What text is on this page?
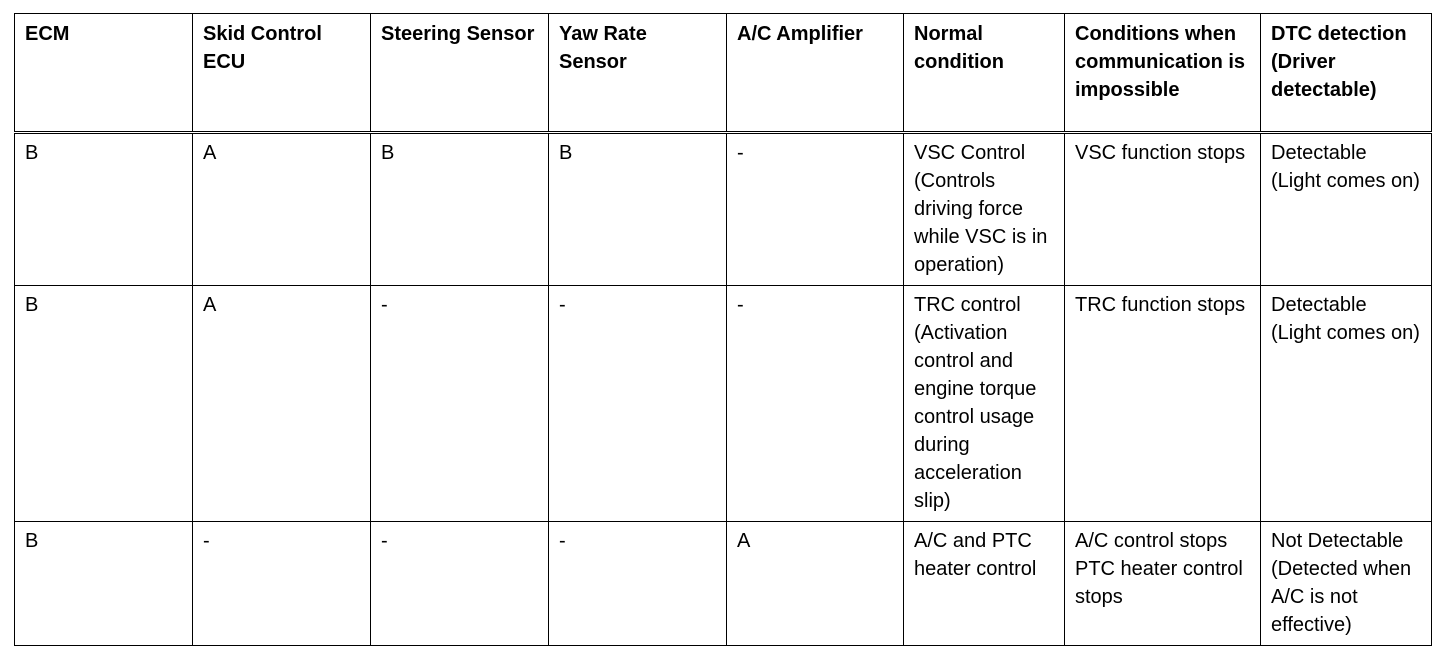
ECM	Skid Control ECU	Steering Sensor	Yaw Rate Sensor	A/C Amplifier	Normal condition	Conditions when communication is impossible	DTC detection (Driver detectable)
B	A	B	B	-	VSC Control (Controls driving force while VSC is in operation)	VSC function stops	Detectable (Light comes on)
B	A	-	-	-	TRC control (Activation control and engine torque control usage during acceleration slip)	TRC function stops	Detectable (Light comes on)
B	-	-	-	A	A/C and PTC heater control	A/C control stops PTC heater control stops	Not Detectable (Detected when A/C is not effective)
